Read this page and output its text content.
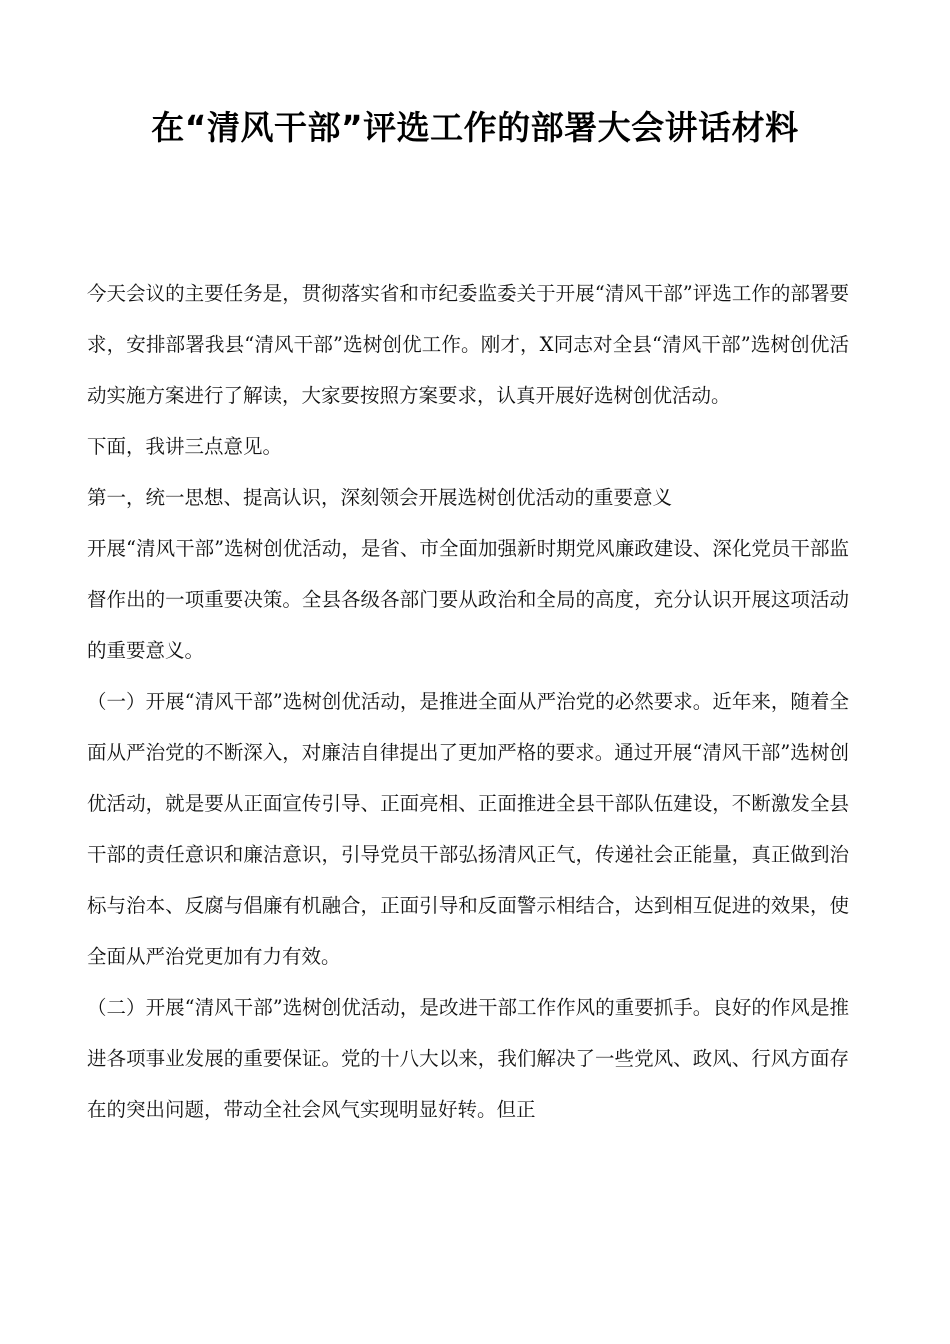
在“清风干部”评选工作的部署大会讲话材料

今天会议的主要任务是，贯彻落实省和市纪委监委关于开展“清风干部”评选工作的部署要求，安排部署我县“清风干部”选树创优工作。刚才，X同志对全县“清风干部”选树创优活动实施方案进行了解读，大家要按照方案要求，认真开展好选树创优活动。

下面，我讲三点意见。

第一，统一思想、提高认识，深刻领会开展选树创优活动的重要意义

开展“清风干部”选树创优活动，是省、市全面加强新时期党风廉政建设、深化党员干部监督作出的一项重要决策。全县各级各部门要从政治和全局的高度，充分认识开展这项活动的重要意义。

（一）开展“清风干部”选树创优活动，是推进全面从严治党的必然要求。近年来，随着全面从严治党的不断深入，对廉洁自律提出了更加严格的要求。通过开展“清风干部”选树创优活动，就是要从正面宣传引导、正面亮相、正面推进全县干部队伍建设，不断激发全县干部的责任意识和廉洁意识，引导党员干部弘扬清风正气，传递社会正能量，真正做到治标与治本、反腐与倡廉有机融合，正面引导和反面警示相结合，达到相互促进的效果，使全面从严治党更加有力有效。

（二）开展“清风干部”选树创优活动，是改进干部工作作风的重要抓手。良好的作风是推进各项事业发展的重要保证。党的十八大以来，我们解决了一些党风、政风、行风方面存在的突出问题，带动全社会风气实现明显好转。但正
